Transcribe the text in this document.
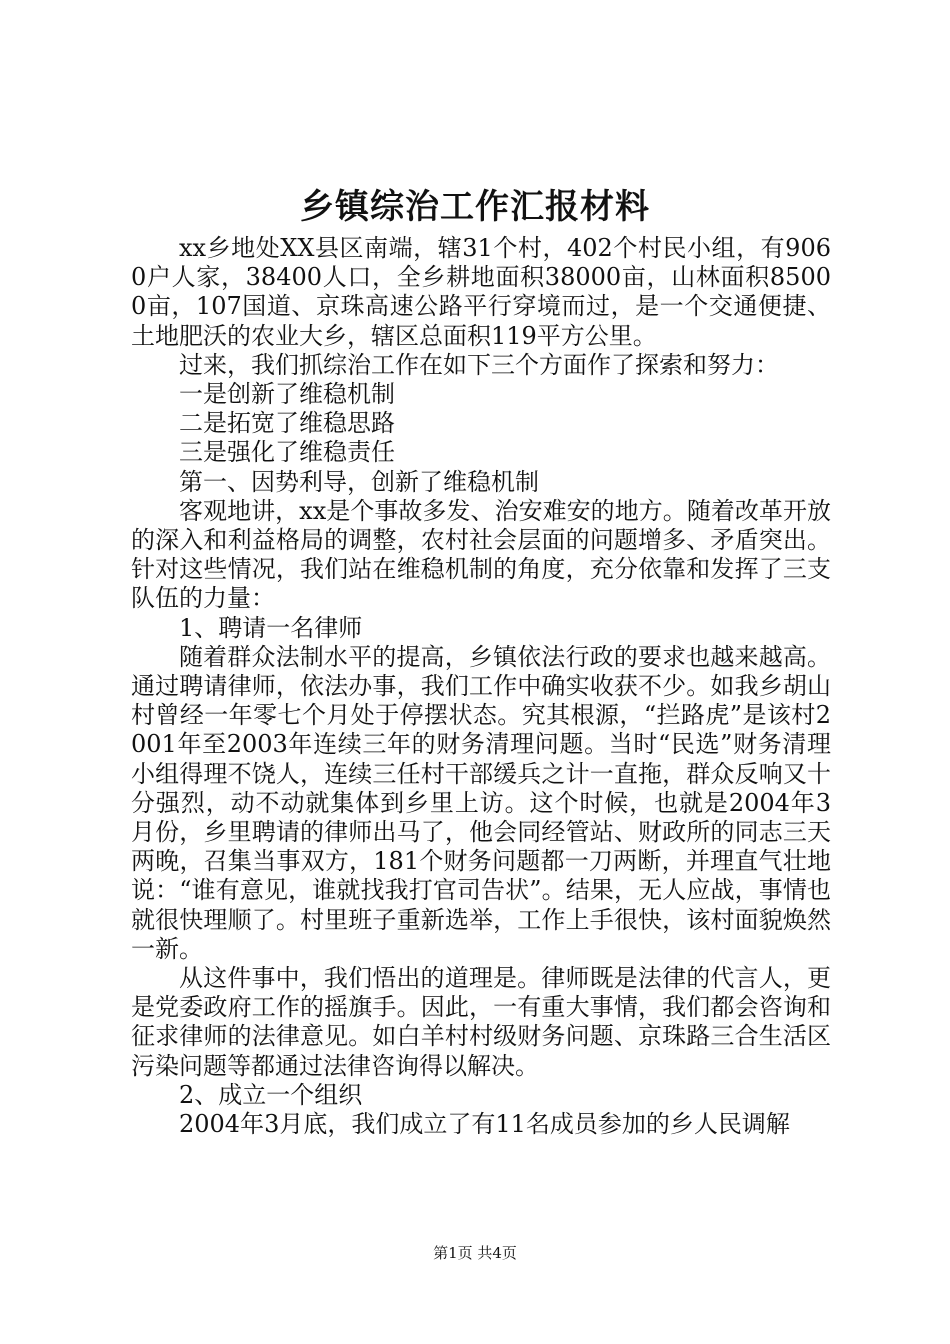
乡镇综治工作汇报材料

xx乡地处XX县区南端，辖31个村，402个村民小组，有9060户人家，38400人口，全乡耕地面积38000亩，山林面积85000亩，107国道、京珠高速公路平行穿境而过，是一个交通便捷、土地肥沃的农业大乡，辖区总面积119平方公里。

过来，我们抓综治工作在如下三个方面作了探索和努力：

一是创新了维稳机制

二是拓宽了维稳思路

三是强化了维稳责任

第一、因势利导，创新了维稳机制

客观地讲，xx是个事故多发、治安难安的地方。随着改革开放的深入和利益格局的调整，农村社会层面的问题增多、矛盾突出。针对这些情况，我们站在维稳机制的角度，充分依靠和发挥了三支队伍的力量：

1、聘请一名律师

随着群众法制水平的提高，乡镇依法行政的要求也越来越高。通过聘请律师，依法办事，我们工作中确实收获不少。如我乡胡山村曾经一年零七个月处于停摆状态。究其根源，“拦路虎”是该村2001年至2003年连续三年的财务清理问题。当时“民选”财务清理小组得理不饶人，连续三任村干部缓兵之计一直拖，群众反响又十分强烈，动不动就集体到乡里上访。这个时候，也就是2004年3月份，乡里聘请的律师出马了，他会同经管站、财政所的同志三天两晚，召集当事双方，181个财务问题都一刀两断，并理直气壮地说：“谁有意见，谁就找我打官司告状”。结果，无人应战，事情也就很快理顺了。村里班子重新选举，工作上手很快，该村面貌焕然一新。

从这件事中，我们悟出的道理是。律师既是法律的代言人，更是党委政府工作的摇旗手。因此，一有重大事情，我们都会咨询和征求律师的法律意见。如白羊村村级财务问题、京珠路三合生活区污染问题等都通过法律咨询得以解决。

2、成立一个组织

2004年3月底，我们成立了有11名成员参加的乡人民调解

第1页 共4页
